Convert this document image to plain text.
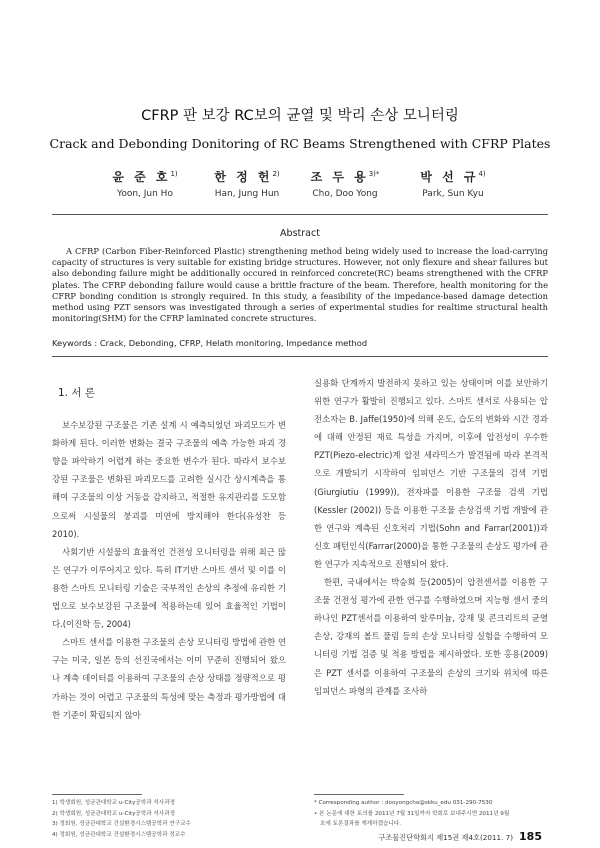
CFRP 판 보강 RC보의 균열 및 박리 손상 모니터링
Crack and Debonding Donitoring of RC Beams Strengthened with CFRP Plates
윤 준 호$^{1)}$
Yoon, Jun Ho
한 정 헌$^{2)}$
Han, Jung Hun
조 두 용$^{3)*}$
Cho, Doo Yong
박 선 규$^{4)}$
Park, Sun Kyu
Abstract
A CFRP (Carbon Fiber-Reinforced Plastic) strengthening method being widely used to increase the load-carrying capacity of structures is very suitable for existing bridge structures. However, not only flexure and shear failures but also debonding failure might be additionally occured in reinforced concrete(RC) beams strengthened with the CFRP plates. The CFRP debonding failure would cause a brittle fracture of the beam. Therefore, health monitoring for the CFRP bonding condition is strongly required. In this study, a feasibility of the impedance-based damage detection method using PZT sensors was investigated through a series of experimental studies for realtime structural health monitoring(SHM) for the CFRP laminated concrete structures.
Keywords : Crack, Debonding, CFRP, Helath monitoring, Impedance method

1. 서 론

보수보강된 구조물은 기존 설계 시 예측되었던 파괴모드가 변화하게 된다. 이러한 변화는 결국 구조물의 예측 가능한 파괴 경향을 파악하기 어렵게 하는 중요한 변수가 된다. 따라서 보수보강된 구조물은 변화된 파괴모드를 고려한 실시간 상시계측을 통해여 구조물의 이상 거동을 감지하고, 적절한 유지관리를 도모함으로써 시설물의 붕괴를 미연에 방지해야 한다(유성찬 등 2010).

사회기반 시설물의 효율적인 건전성 모니터링을 위해 최근 많은 연구가 이루어지고 있다. 특히 IT기반 스마트 센서 및 이를 이용한 스마트 모니터링 기술은 국부적인 손상의 추정에 유리한 기법으로 보수보강된 구조물에 적용하는데 있어 효율적인 기법이다.(이진학 등, 2004)

스마트 센서를 이용한 구조물의 손상 모니터링 방법에 관한 연구는 미국, 일본 등의 선진국에서는 이미 꾸준히 진행되어 왔으나 계측 데이터를 이용하여 구조물의 손상 상태를 정량적으로 평가하는 것이 어렵고 구조물의 특성에 맞는 측정과 평가방법에 대한 기준이 확립되지 않아

실용화 단계까지 발전하지 못하고 있는 상태이며 이를 보안하기 위한 연구가 활발히 진행되고 있다. 스마트 센서로 사용되는 압전소자는 B. Jaffe(1950)에 의해 온도, 습도의 변화와 시간 경과에 대해 안정된 재료 특성을 가지며, 이후에 압전성이 우수한 PZT(Piezo-electric)계 압전 세라믹스가 발견됨에 따라 본격적으로 개발되기 시작하여 임피던스 기반 구조물의 검색 기법(Giurgiutiu (1999)), 전자파를 이용한 구조물 검색 기법(Kessler (2002)) 등을 이용한 구조물 손상검색 기법 개발에 관한 연구와 계측된 신호처리 기법(Sohn and Farrar(2001))과 신호 패턴인식(Farrar(2000)을 통한 구조물의 손상도 평가에 관한 연구가 지속적으로 진행되어 왔다.

한편, 국내에서는 박승희 등(2005)이 압전센서를 이용한 구조물 건전성 평가에 관한 연구를 수행하였으며 지능형 센서 중의 하나인 PZT센서를 이용하여 알루미늄, 강재 및 콘크리트의 균열손상, 강재의 볼트 풀림 등의 손상 모니터링 실험을 수행하여 모니터링 기법 검증 및 적용 방법을 제시하였다. 또한 홍용(2009)은 PZT 센서를 이용하여 구조물의 손상의 크기와 위치에 따른 임피던스 파형의 관계를 조사하

1) 학생회원, 성균관대학교 u-City공학과 석사과정
2) 학생회원, 성균관대학교 u-City공학과 석사과정
3) 정회원, 성균관대학교 건설환경시스템공학과 연구교수
4) 정회원, 성균관대학교 건설환경시스템공학과 정교수
* Corresponding author : dooyongcho@skku_edu 031-290-7530
• 본 논문에 대한 토의를 2011년 7월 31일까지 학회로 보내주시면 2011년 9월
호에 토론결과를 게재하겠습니다.
구조물진단학회지 제15권 제4호(2011. 7) 185
